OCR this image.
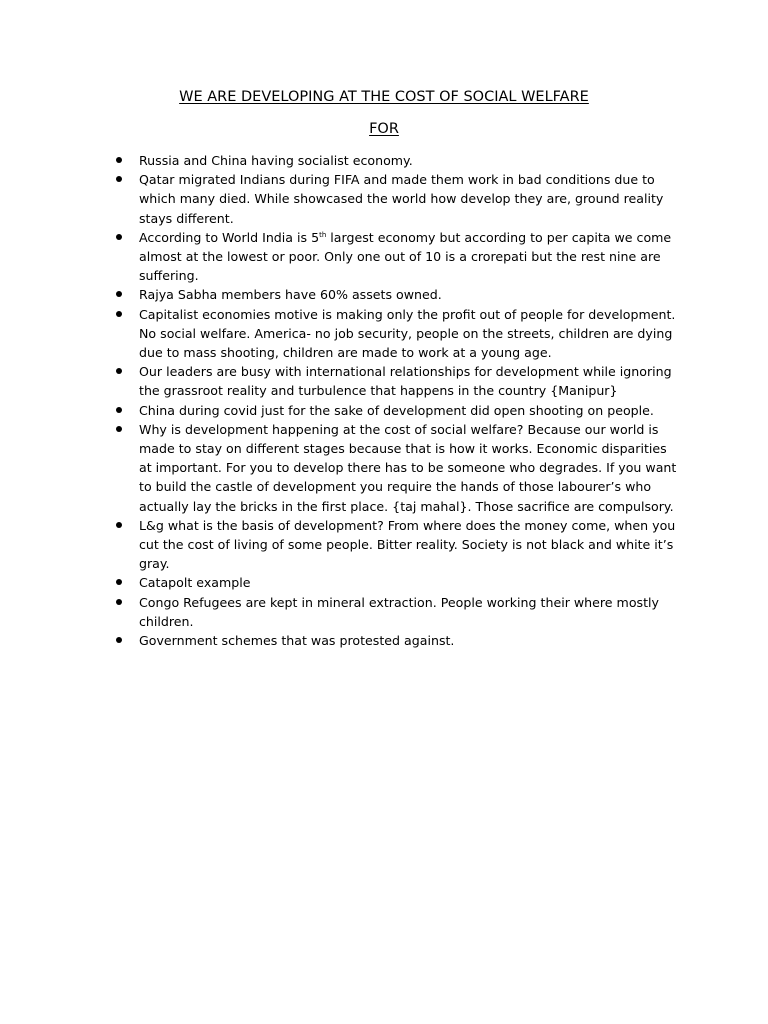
WE ARE DEVELOPING AT THE COST OF SOCIAL WELFARE
FOR
Russia and China having socialist economy.
Qatar migrated Indians during FIFA and made them work in bad conditions due to which many died. While showcased the world how develop they are, ground reality stays different.
According to World India is 5th largest economy but according to per capita we come almost at the lowest or poor. Only one out of 10 is a crorepati but the rest nine are suffering.
Rajya Sabha members have 60% assets owned.
Capitalist economies motive is making only the profit out of people for development. No social welfare. America- no job security, people on the streets, children are dying due to mass shooting, children are made to work at a young age.
Our leaders are busy with international relationships for development while ignoring the grassroot reality and turbulence that happens in the country {Manipur}
China during covid just for the sake of development did open shooting on people.
Why is development happening at the cost of social welfare? Because our world is made to stay on different stages because that is how it works. Economic disparities at important. For you to develop there has to be someone who degrades. If you want to build the castle of development you require the hands of those labourer’s who actually lay the bricks in the first place. {taj mahal}. Those sacrifice are compulsory.
L&g what is the basis of development? From where does the money come, when you cut the cost of living of some people. Bitter reality. Society is not black and white it’s gray.
Catapolt example
Congo Refugees are kept in mineral extraction. People working their where mostly children.
Government schemes that was protested against.
